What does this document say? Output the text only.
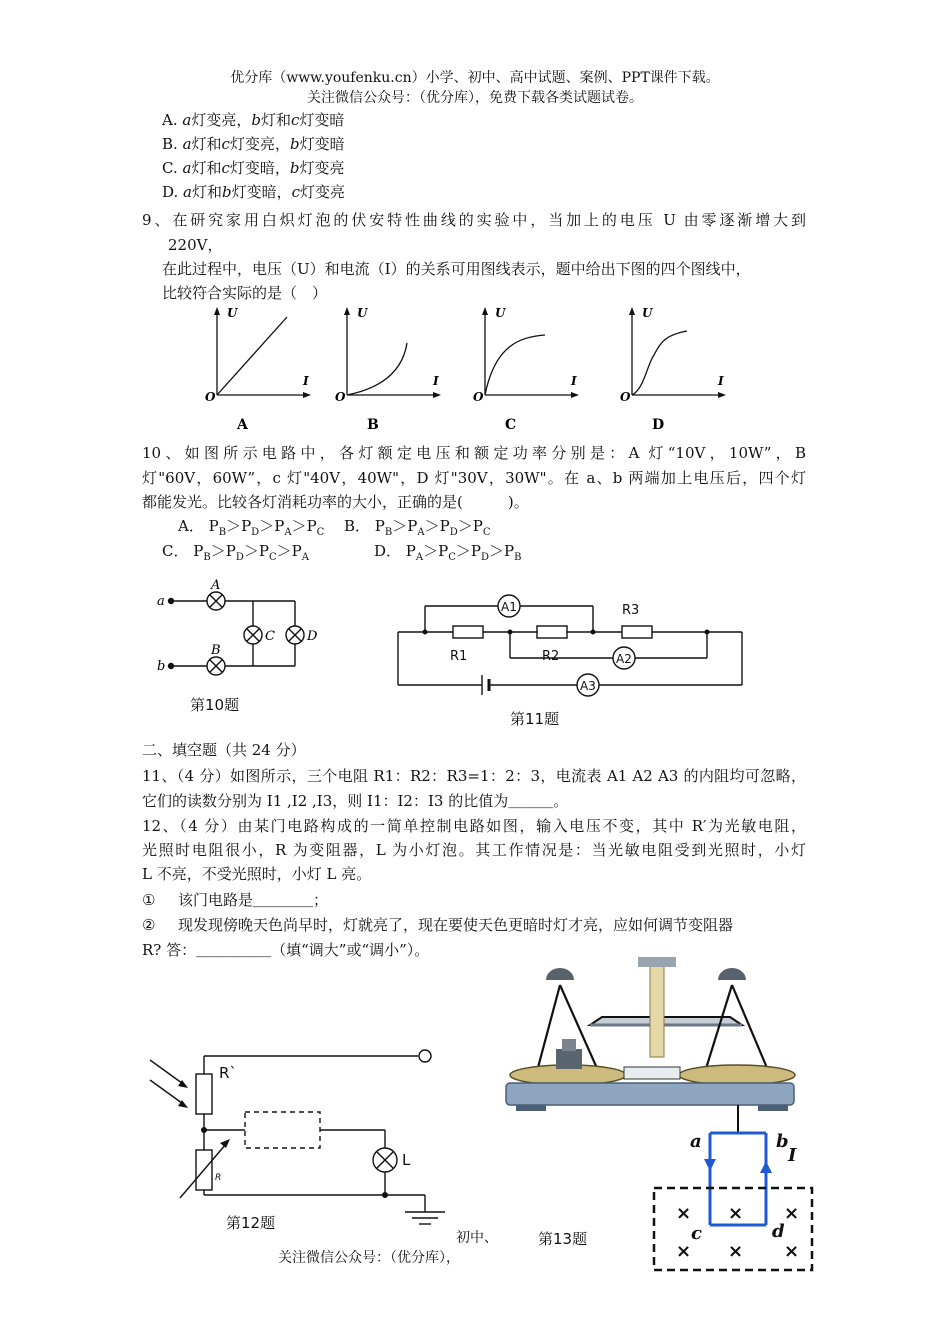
优分库（www.youfenku.cn）小学、初中、高中试题、案例、PPT课件下载。
关注微信公众号：（优分库），免费下载各类试题试卷。
A. a灯变亮，b灯和c灯变暗
B. a灯和c灯变亮，b灯变暗
C. a灯和c灯变暗，b灯变亮
D. a灯和b灯变暗，c灯变亮
9、在研究家用白炽灯泡的伏安特性曲线的实验中，当加上的电压 U 由零逐渐增大到
220V，
在此过程中，电压（U）和电流（I）的关系可用图线表示，题中给出下图的四个图线中，
比较符合实际的是（　）
U
I
O
A
U
I
O
B
U
I
O
C
U
I
O
D
10、如图所示电路中，各灯额定电压和额定功率分别是：A 灯“10V，10W”，B
灯"60V，60W”，c 灯"40V，40W"，D 灯"30V，30W"。在 a、b 两端加上电压后，四个灯
都能发光。比较各灯消耗功率的大小，正确的是(　　　)。
A． $P_B>P_D>P_A>P_C$ B． $P_B>P_A>P_D>P_C$
C． $P_B>P_D>P_C>P_A$	D． $P_A>P_C>P_D>P_B$
a
b
A
B
C D
第10题
R3
R1	R2
A1
A2
A3
第11题
二、填空题（共 24 分）
11、（4 分）如图所示，三个电阻 R1：R2：R3=1：2：3，电流表 A1 A2 A3 的内阻均可忽略，
它们的读数分别为 I1 ,I2 ,I3，则 I1：I2：I3 的比值为＿＿＿。
12、（4 分）由某门电路构成的一简单控制电路如图，输入电压不变，其中 R′为光敏电阻，
光照时电阻很小，R 为变阻器，L 为小灯泡。其工作情况是：当光敏电阻受到光照时，小灯
L 不亮，不受光照时，小灯 L 亮。
① 该门电路是＿＿＿＿；
② 现发现傍晚天色尚早时，灯就亮了，现在要使天色更暗时灯才亮，应如何调节变阻器
R? 答：＿＿＿＿＿（填“调大”或“调小”）。
R`
R
L
第12题	× × ×
× × ×
a	b
c	d
I
第13题
初中、
关注微信公众号：（优分库），
